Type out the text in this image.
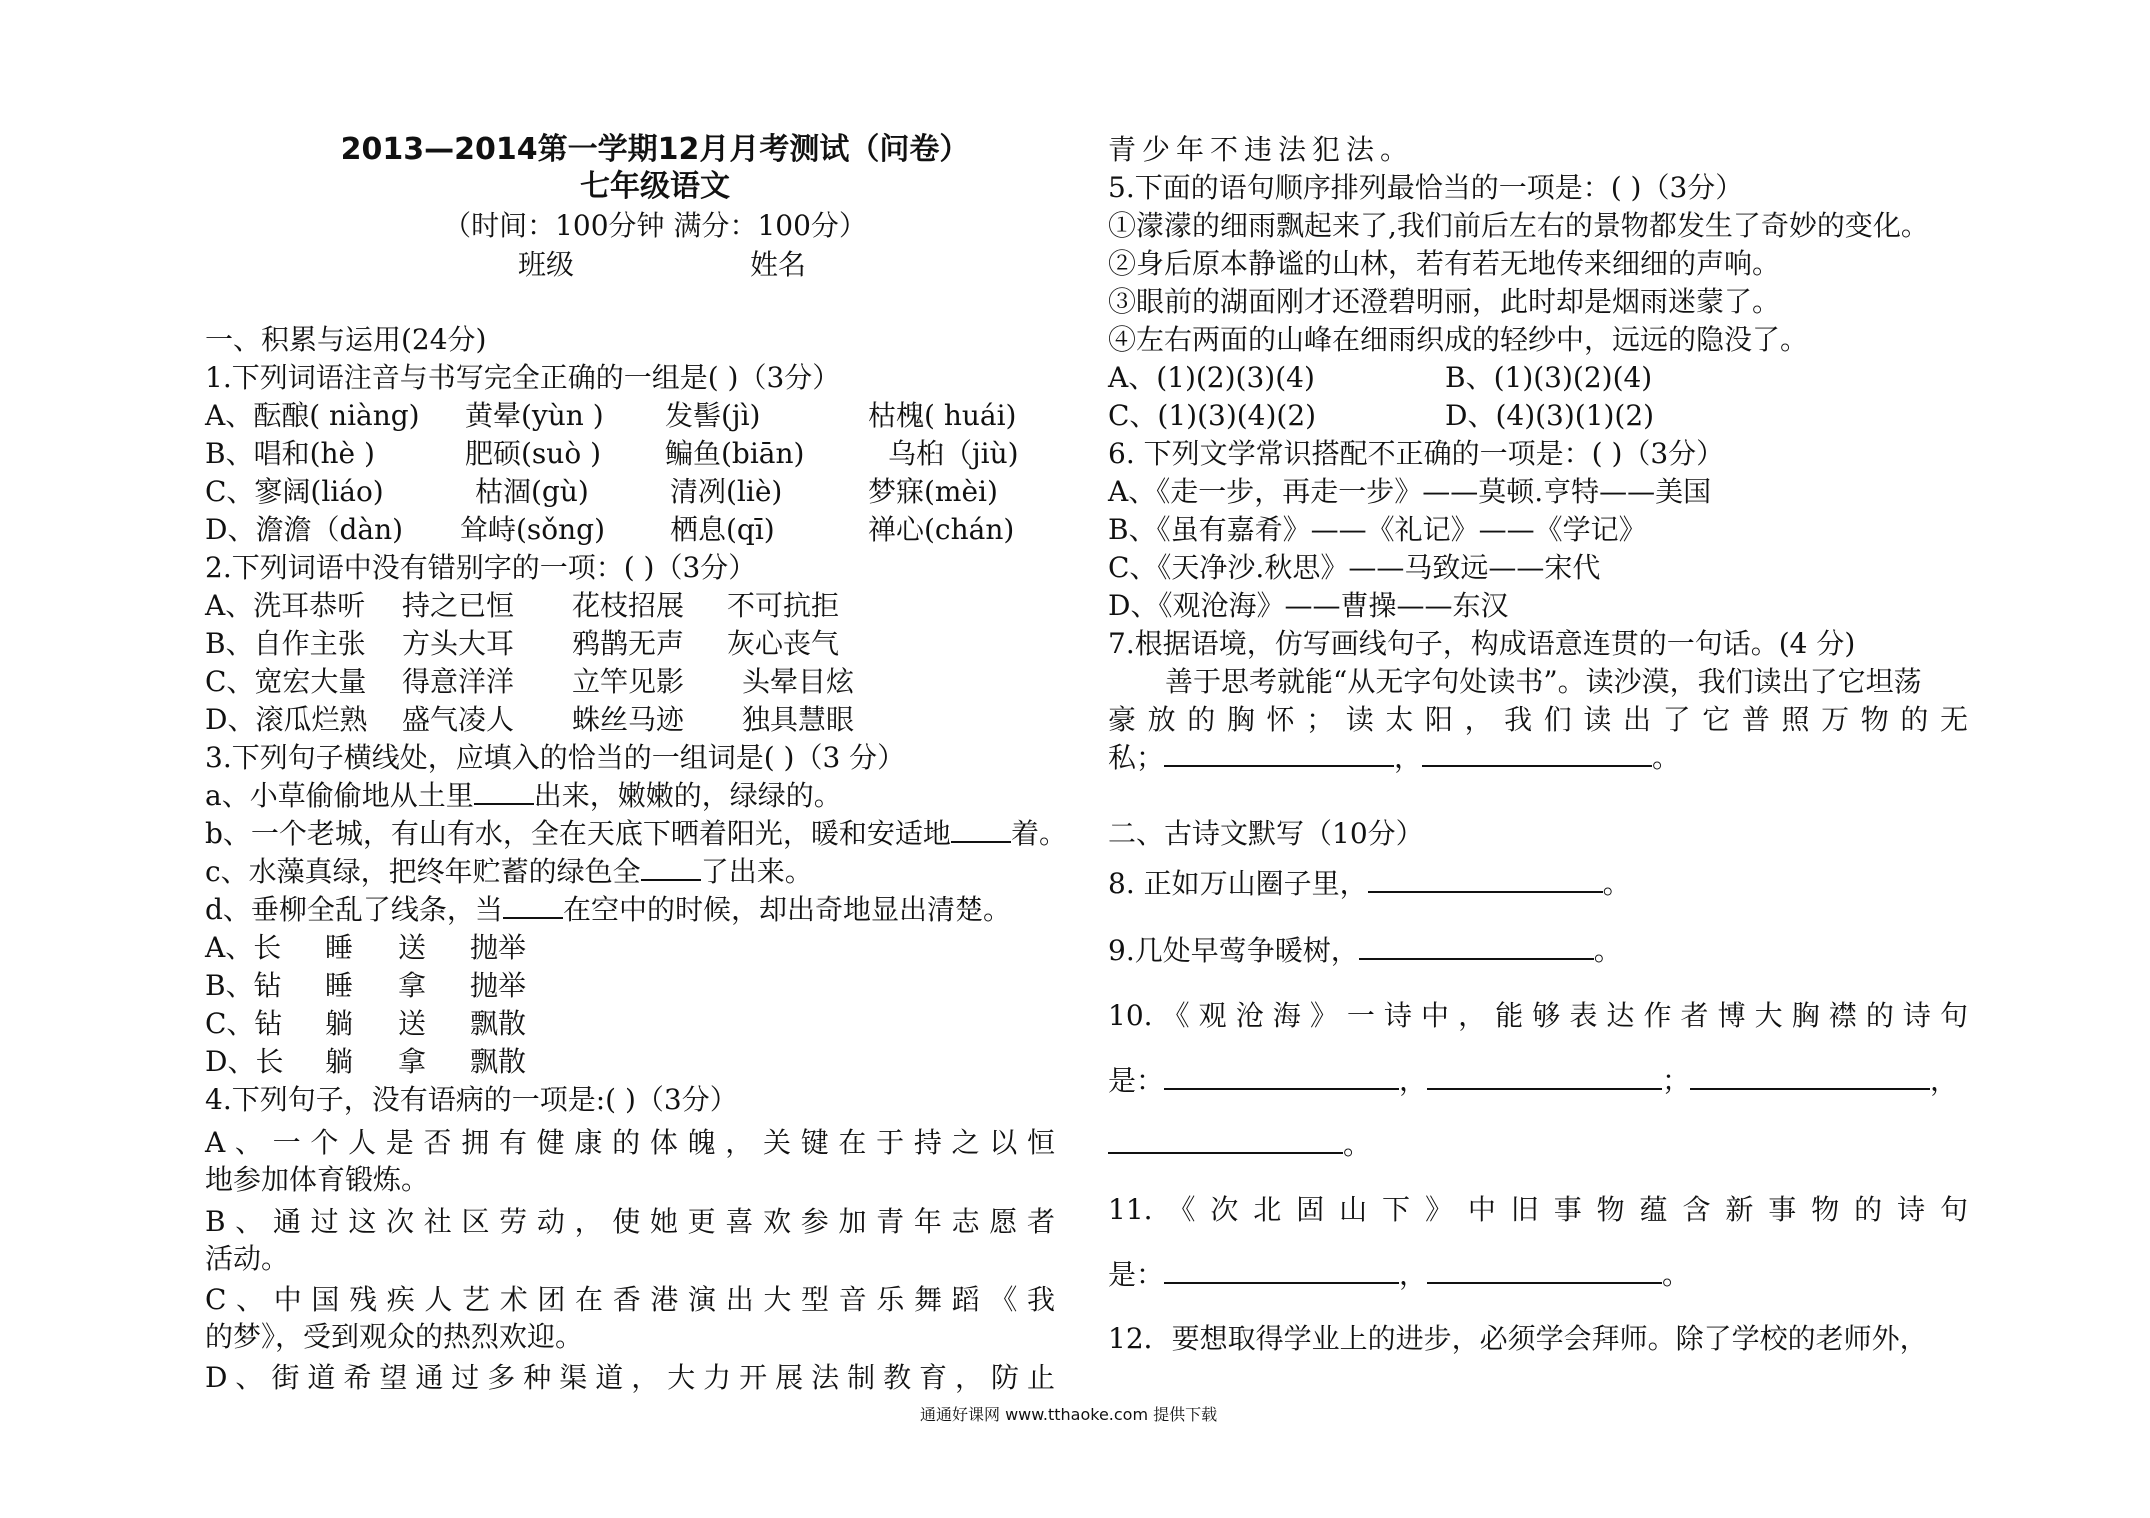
2013—2014第一学期12月月考测试（问卷）
七年级语文
（时间：100分钟 满分：100分）
班级	姓名
一、积累与运用(24分)
1.下列词语注音与书写完全正确的一组是( )（3分）
A、酝酿( niàng) 黄晕(yùn ) 发髻(jì)	枯槐( huái)
B、唱和(hè )	肥硕(suò ) 鳊鱼(biān)	乌桕（jiù)
C、寥阔(liáo)	枯涸(gù)	清冽(liè)	梦寐(mèi)
D、澹澹（dàn) 耸峙(sǒng) 栖息(qī)	禅心(chán)
2.下列词语中没有错别字的一项：( )（3分）
A、洗耳恭听 持之已恒 花枝招展 不可抗拒
B、自作主张 方头大耳 鸦鹊无声 灰心丧气
C、宽宏大量 得意洋洋 立竿见影 头晕目炫
D、滚瓜烂熟 盛气凌人 蛛丝马迹 独具慧眼
3.下列句子横线处，应填入的恰当的一组词是( )（3 分）
a、小草偷偷地从土里 出来，嫩嫩的，绿绿的。
b、一个老城，有山有水，全在天底下晒着阳光，暖和安适地 着。
c、水藻真绿，把终年贮蓄的绿色全 了出来。
d、垂柳全乱了线条，当 在空中的时候，却出奇地显出清楚。
A、长 睡 送 抛举
B、钻 睡 拿 抛举
C、钻 躺 送 飘散
D、长 躺 拿 飘散
4.下列句子，没有语病的一项是:( )（3分）
A、一个人是否拥有健康的体魄，关键在于持之以恒
地参加体育锻炼。
B、通过这次社区劳动，使她更喜欢参加青年志愿者
活动。
C、中国残疾人艺术团在香港演出大型音乐舞蹈《我
的梦》，受到观众的热烈欢迎。
D、街道希望通过多种渠道，大力开展法制教育，防止
青少年不违法犯法。
5.下面的语句顺序排列最恰当的一项是：( )（3分）
①濛濛的细雨飘起来了,我们前后左右的景物都发生了奇妙的变化。
②身后原本静谧的山林，若有若无地传来细细的声响。
③眼前的湖面刚才还澄碧明丽，此时却是烟雨迷蒙了。
④左右两面的山峰在细雨织成的轻纱中，远远的隐没了。
A、(1)(2)(3)(4)	B、(1)(3)(2)(4)
C、(1)(3)(4)(2)	D、(4)(3)(1)(2)
6. 下列文学常识搭配不正确的一项是：( )（3分）
A、《走一步，再走一步》——莫顿.亨特——美国
B、《虽有嘉肴》——《礼记》——《学记》
C、《天净沙.秋思》——马致远——宋代
D、《观沧海》——曹操——东汉
7.根据语境，仿写画线句子，构成语意连贯的一句话。(4 分)
善于思考就能“从无字句处读书”。读沙漠，我们读出了它坦荡
豪放的胸怀；读太阳，我们读出了它普照万物的无
私；	，	。
二、古诗文默写（10分）
8. 正如万山圈子里，	。
9.几处早莺争暖树，	。
10.《观沧海》一诗中，能够表达作者博大胸襟的诗句
是：	，	；	，
。
11.《次北固山下》中旧事物蕴含新事物的诗句
是：	，	。
12．要想取得学业上的进步，必须学会拜师。除了学校的老师外，
通通好课网 www.tthaoke.com 提供下载
